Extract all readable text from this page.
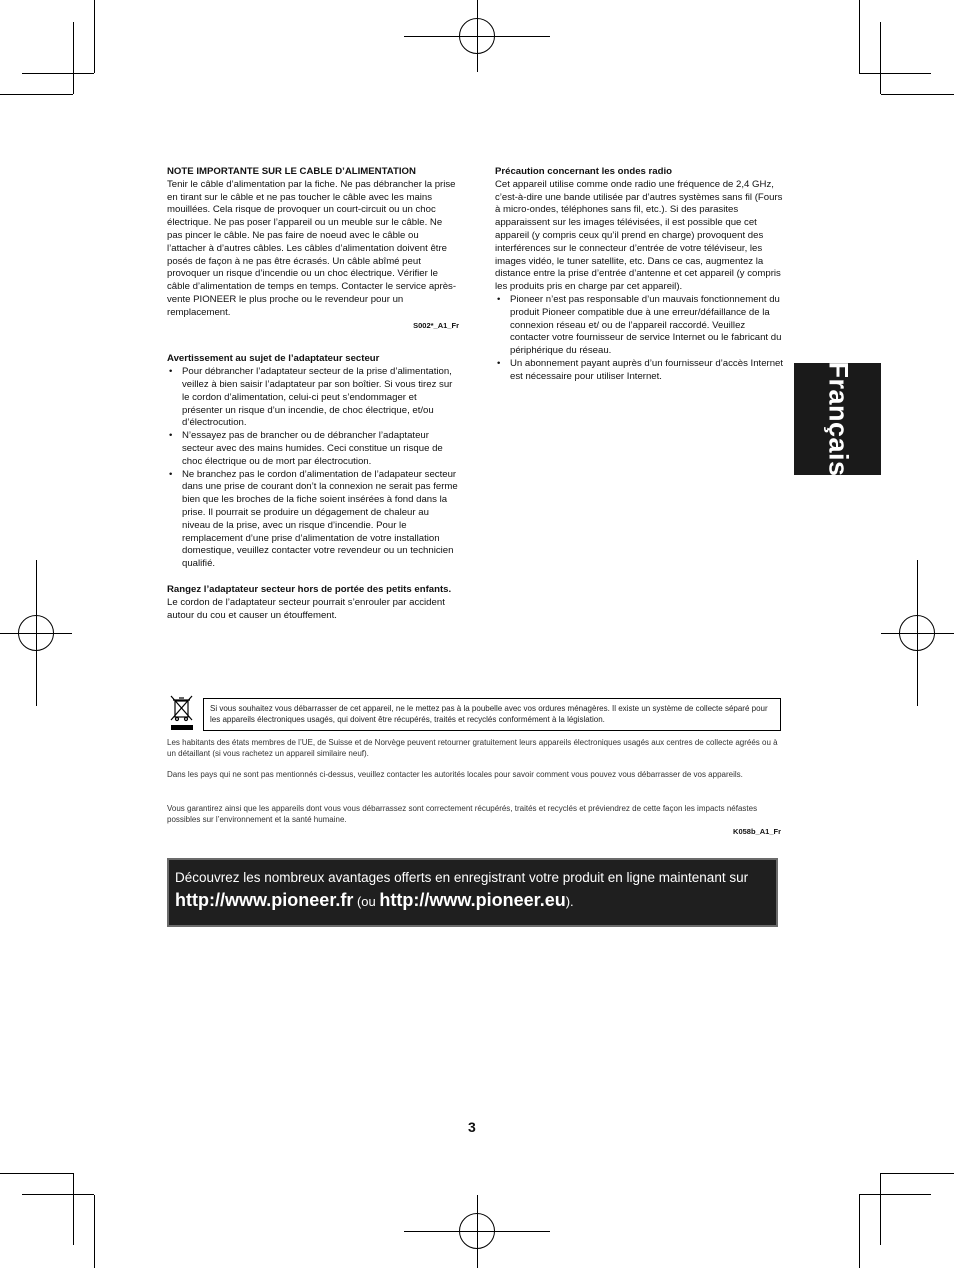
NOTE IMPORTANTE SUR LE CABLE D’ALIMENTATION

Tenir le câble d’alimentation par la fiche. Ne pas débrancher la prise en tirant sur le câble et ne pas toucher le câble avec les mains mouillées. Cela risque de provoquer un court-circuit ou un choc électrique. Ne pas poser l’appareil ou un meuble sur le câble. Ne pas pincer le câble. Ne pas faire de noeud avec le câble ou l’attacher à d’autres câbles. Les câbles d’alimentation doivent être posés de façon à ne pas être écrasés. Un câble abîmé peut provoquer un risque d’incendie ou un choc électrique. Vérifier le câble d’alimentation de temps en temps. Contacter le service après-vente PIONEER le plus proche ou le revendeur pour un remplacement.

S002*_A1_Fr

Avertissement au sujet de l’adaptateur secteur

• Pour débrancher l’adaptateur secteur de la prise d’alimentation, veillez à bien saisir l’adaptateur par son boîtier. Si vous tirez sur le cordon d’alimentation, celui-ci peut s’endommager et présenter un risque d’un incendie, de choc électrique, et/ou d’électrocution.
• N’essayez pas de brancher ou de débrancher l’adaptateur secteur avec des mains humides. Ceci constitue un risque de choc électrique ou de mort par électrocution.
• Ne branchez pas le cordon d’alimentation de l’adapateur secteur dans une prise de courant don’t la connexion ne serait pas ferme bien que les broches de la fiche soient insérées à fond dans la prise. Il pourrait se produire un dégagement de chaleur au niveau de la prise, avec un risque d’incendie. Pour le remplacement d’une prise d’alimentation de votre installation domestique, veuillez contacter votre revendeur ou un technicien qualifié.

Rangez l’adaptateur secteur hors de portée des petits enfants.

Le cordon de l’adaptateur secteur pourrait s’enrouler par accident autour du cou et causer un étouffement.

Précaution concernant les ondes radio

Cet appareil utilise comme onde radio une fréquence de 2,4 GHz, c’est-à-dire une bande utilisée par d’autres systèmes sans fil (Fours à micro-ondes, téléphones sans fil, etc.). Si des parasites apparaissent sur les images télévisées, il est possible que cet appareil (y compris ceux qu’il prend en charge) provoquent des interférences sur le connecteur d’entrée de votre téléviseur, les images vidéo, le tuner satellite, etc. Dans ce cas, augmentez la distance entre la prise d’entrée d’antenne et cet appareil (y compris les produits pris en charge par cet appareil).

• Pioneer n’est pas responsable d’un mauvais fonctionnement du produit Pioneer compatible due à une erreur/défaillance de la connexion réseau et/ ou de l’appareil raccordé. Veuillez contacter votre fournisseur de service Internet ou le fabricant du périphérique du réseau.
• Un abonnement payant auprès d’un fournisseur d’accès Internet est nécessaire pour utiliser Internet.	Français
Si vous souhaitez vous débarrasser de cet appareil, ne le mettez pas à la poubelle avec vos ordures ménagères. Il existe un système de collecte séparé pour les appareils électroniques usagés, qui doivent être récupérés, traités et recyclés conformément à la législation.
Les habitants des états membres de l’UE, de Suisse et de Norvège peuvent retourner gratuitement leurs appareils électroniques usagés aux centres de collecte agréés ou à un détaillant (si vous rachetez un appareil similaire neuf).
Dans les pays qui ne sont pas mentionnés ci-dessus, veuillez contacter les autorités locales pour savoir comment vous pouvez vous débarrasser de vos appareils.
Vous garantirez ainsi que les appareils dont vous vous débarrassez sont correctement récupérés, traités et recyclés et préviendrez de cette façon les impacts néfastes possibles sur l’environnement et la santé humaine.
K058b_A1_Fr
Découvrez les nombreux avantages offerts en enregistrant votre produit en ligne maintenant sur
http://www.pioneer.fr (ou http://www.pioneer.eu).
3
